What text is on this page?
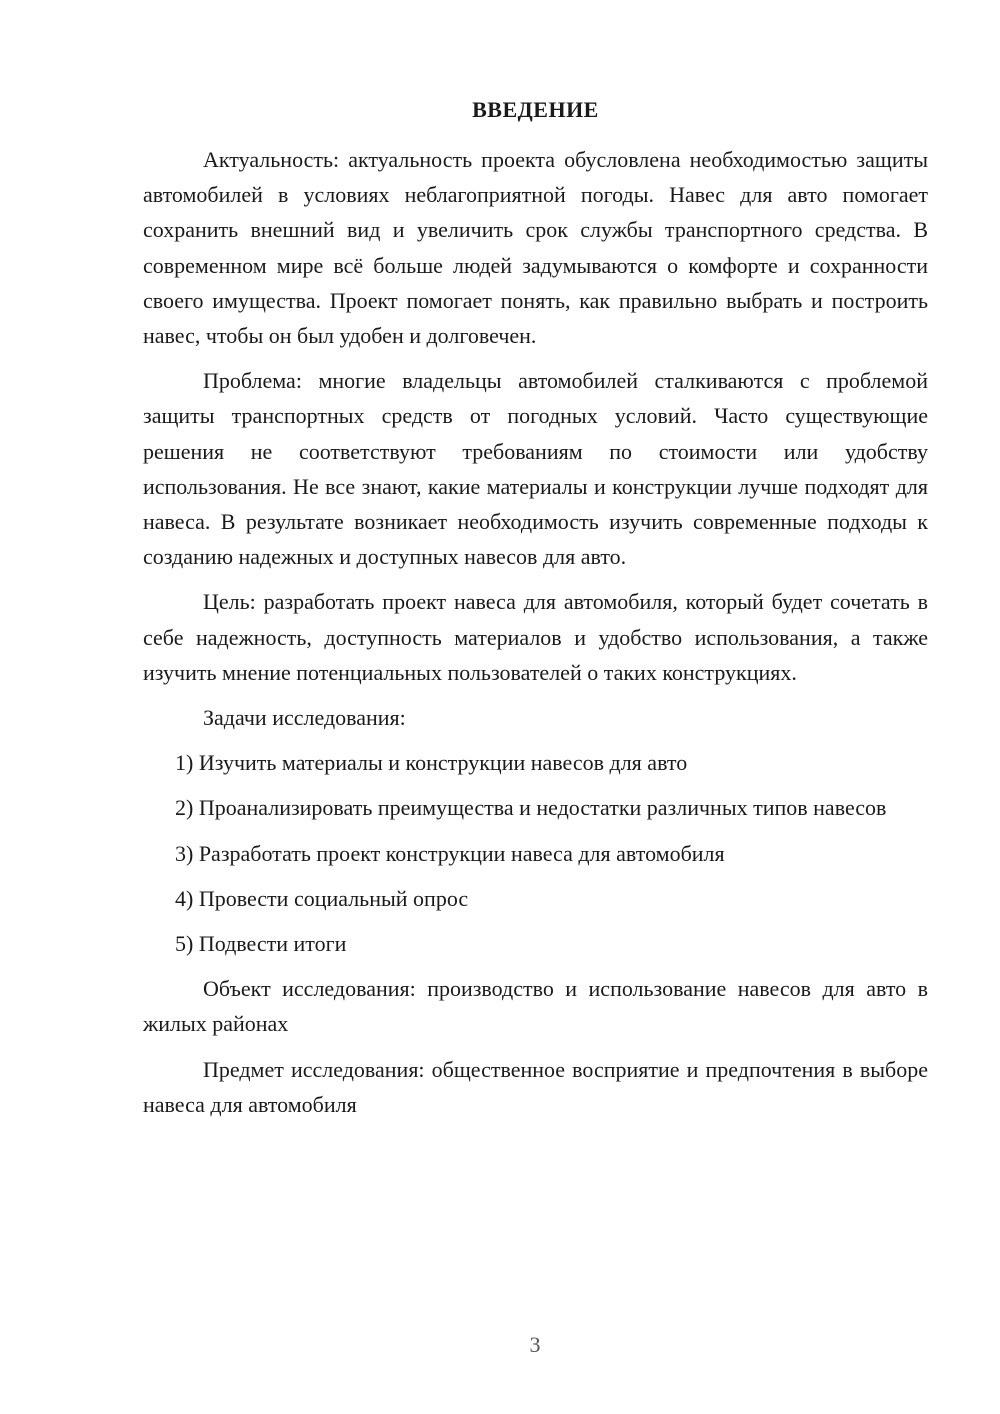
ВВЕДЕНИЕ

Актуальность: актуальность проекта обусловлена необходимостью защиты автомобилей в условиях неблагоприятной погоды. Навес для авто помогает сохранить внешний вид и увеличить срок службы транспортного средства. В современном мире всё больше людей задумываются о комфорте и сохранности своего имущества. Проект помогает понять, как правильно выбрать и построить навес, чтобы он был удобен и долговечен.

Проблема: многие владельцы автомобилей сталкиваются с проблемой защиты транспортных средств от погодных условий. Часто существующие решения не соответствуют требованиям по стоимости или удобству использования. Не все знают, какие материалы и конструкции лучше подходят для навеса. В результате возникает необходимость изучить современные подходы к созданию надежных и доступных навесов для авто.

Цель: разработать проект навеса для автомобиля, который будет сочетать в себе надежность, доступность материалов и удобство использования, а также изучить мнение потенциальных пользователей о таких конструкциях.

Задачи исследования:

1) Изучить материалы и конструкции навесов для авто

2) Проанализировать преимущества и недостатки различных типов навесов

3) Разработать проект конструкции навеса для автомобиля

4) Провести социальный опрос

5) Подвести итоги

Объект исследования: производство и использование навесов для авто в жилых районах

Предмет исследования: общественное восприятие и предпочтения в выборе навеса для автомобиля

3
